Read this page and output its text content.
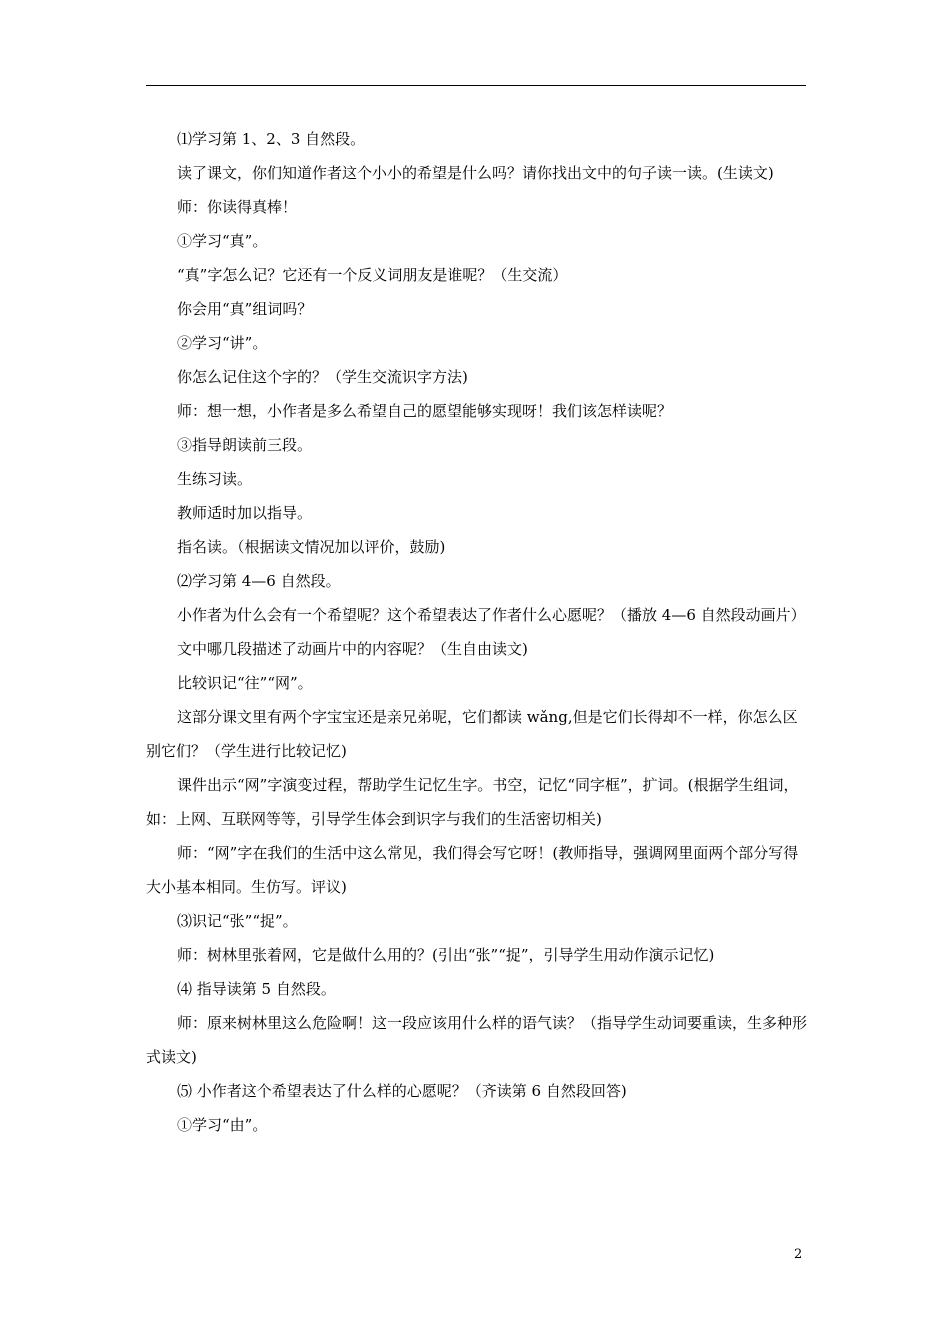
⑴学习第 1、2、3 自然段。

读了课文，你们知道作者这个小小的希望是什么吗？请你找出文中的句子读一读。(生读文)

师：你读得真棒！

①学习“真”。

“真”字怎么记？它还有一个反义词朋友是谁呢？（生交流）

你会用“真”组词吗？

②学习“讲”。

你怎么记住这个字的？（学生交流识字方法)

师：想一想，小作者是多么希望自己的愿望能够实现呀！我们该怎样读呢？

③指导朗读前三段。

生练习读。

教师适时加以指导。

指名读。（根据读文情况加以评价，鼓励)

⑵学习第 4—6 自然段。

小作者为什么会有一个希望呢？这个希望表达了作者什么心愿呢？（播放 4—6 自然段动画片）

文中哪几段描述了动画片中的内容呢？（生自由读文)

比较识记“往”“网”。

这部分课文里有两个字宝宝还是亲兄弟呢，它们都读 wǎng,但是它们长得却不一样，你怎么区别它们？（学生进行比较记忆)

课件出示“网”字演变过程，帮助学生记忆生字。书空，记忆“同字框”，扩词。(根据学生组词，如：上网、互联网等等，引导学生体会到识字与我们的生活密切相关)

师：“网”字在我们的生活中这么常见，我们得会写它呀！(教师指导，强调网里面两个部分写得大小基本相同。生仿写。评议)

⑶识记“张”“捉”。

师：树林里张着网，它是做什么用的？(引出“张”“捉”，引导学生用动作演示记忆)

⑷ 指导读第 5 自然段。

师：原来树林里这么危险啊！这一段应该用什么样的语气读？（指导学生动词要重读，生多种形式读文)

⑸ 小作者这个希望表达了什么样的心愿呢？（齐读第 6 自然段回答)

①学习“由”。

2
